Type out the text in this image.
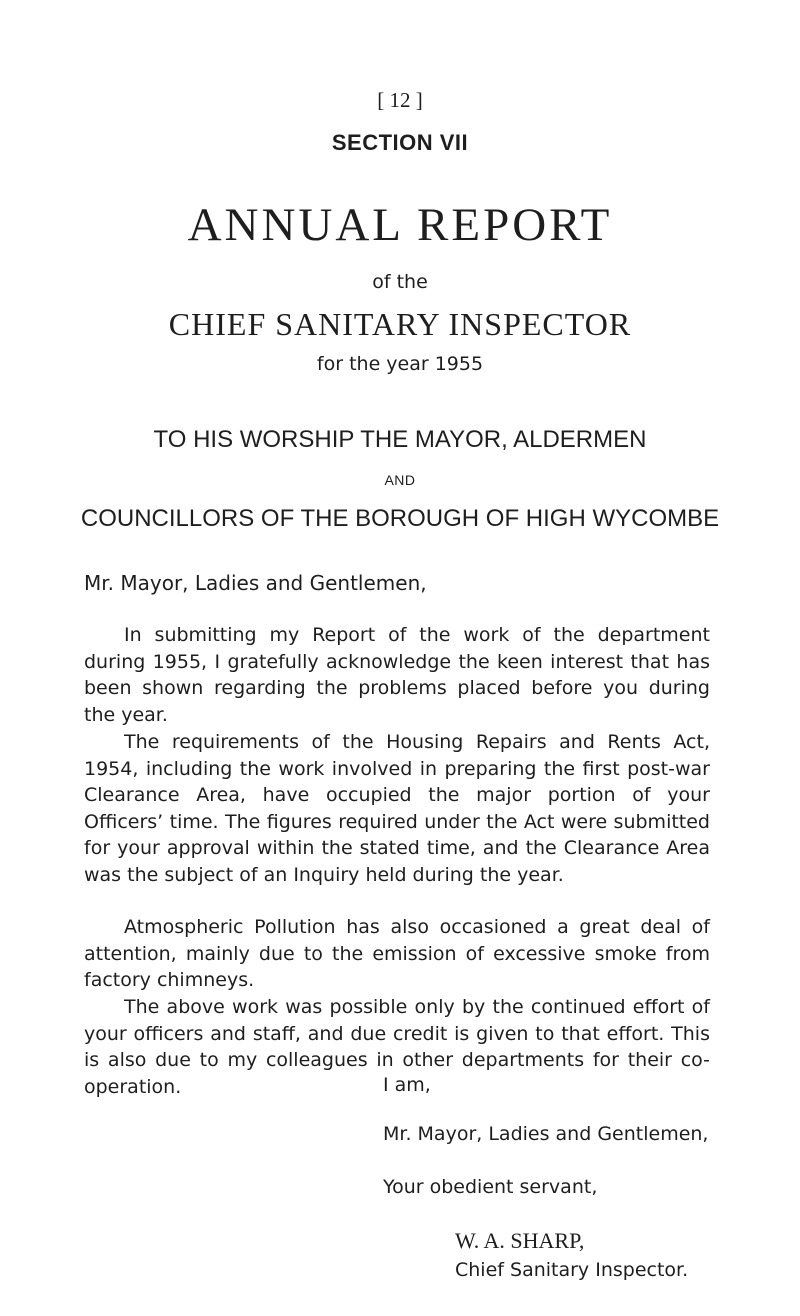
[ 12 ]
SECTION VII
ANNUAL REPORT
of the
CHIEF SANITARY INSPECTOR
for the year 1955
TO HIS WORSHIP THE MAYOR, ALDERMEN
AND
COUNCILLORS OF THE BOROUGH OF HIGH WYCOMBE
Mr. Mayor, Ladies and Gentlemen,

In submitting my Report of the work of the department during 1955, I gratefully acknowledge the keen interest that has been shown regarding the problems placed before you during the year.

The requirements of the Housing Repairs and Rents Act, 1954, including the work involved in preparing the first post-war Clearance Area, have occupied the major portion of your Officers’ time. The figures required under the Act were submitted for your approval within the stated time, and the Clearance Area was the subject of an Inquiry held during the year.

Atmospheric Pollution has also occasioned a great deal of attention, mainly due to the emission of excessive smoke from factory chimneys.

The above work was possible only by the continued effort of your officers and staff, and due credit is given to that effort. This is also due to my colleagues in other departments for their co-operation.	I am,
Mr. Mayor, Ladies and Gentlemen,
Your obedient servant,
W. A. SHARP,
Chief Sanitary Inspector.
